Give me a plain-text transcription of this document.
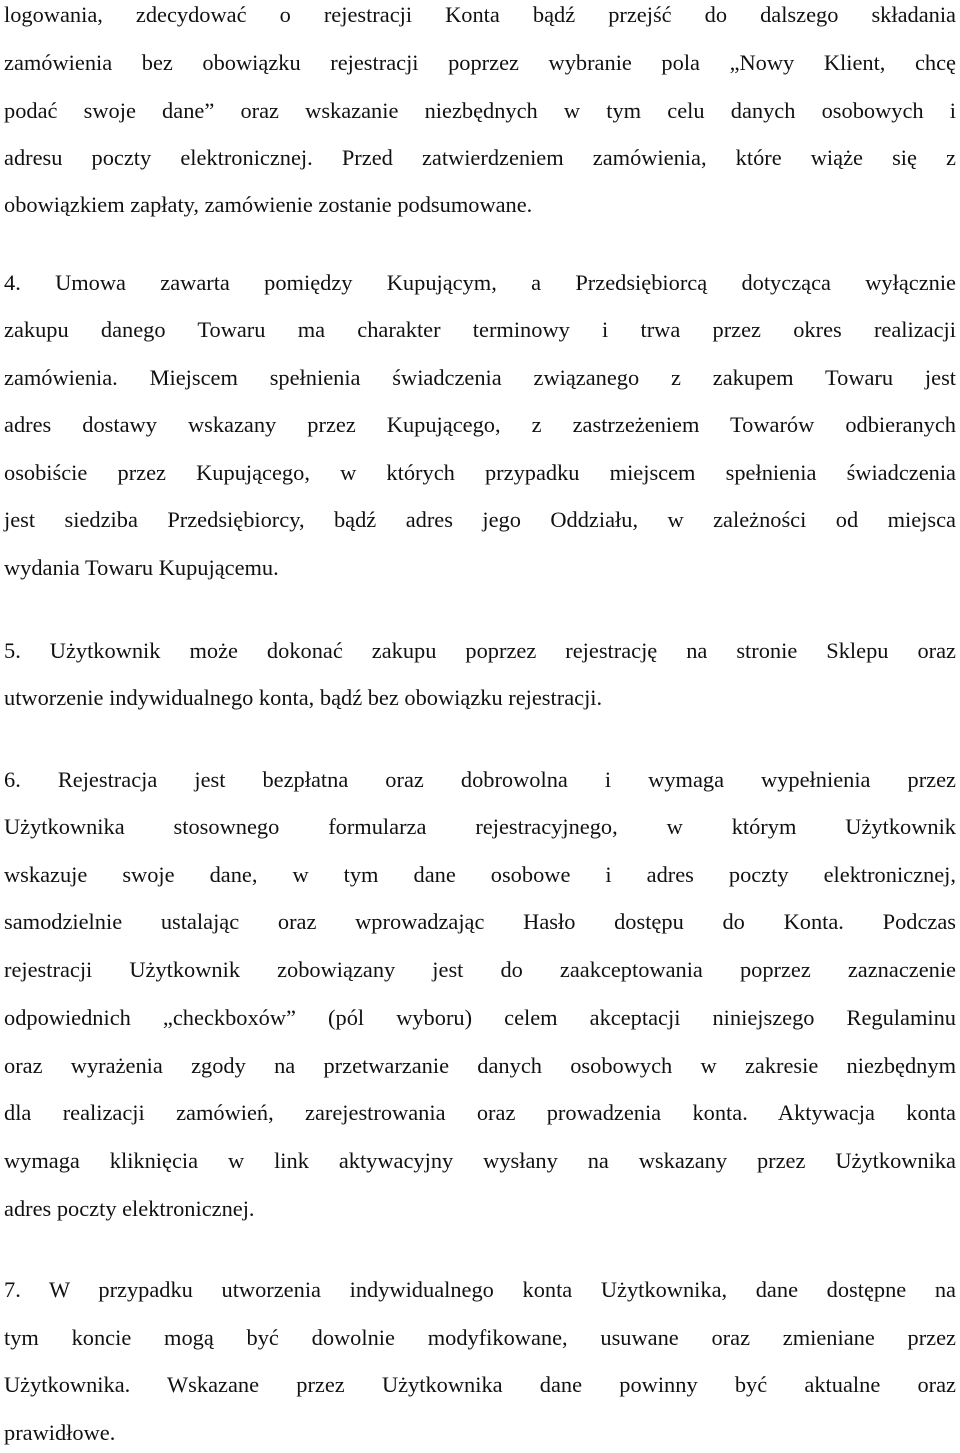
logowania, zdecydować o rejestracji Konta bądź przejść do dalszego składania
zamówienia bez obowiązku rejestracji poprzez wybranie pola „Nowy Klient, chcę
podać swoje dane” oraz wskazanie niezbędnych w tym celu danych osobowych i
adresu poczty elektronicznej. Przed zatwierdzeniem zamówienia, które wiąże się z
obowiązkiem zapłaty, zamówienie zostanie podsumowane.
4. Umowa zawarta pomiędzy Kupującym, a Przedsiębiorcą dotycząca wyłącznie
zakupu danego Towaru ma charakter terminowy i trwa przez okres realizacji
zamówienia. Miejscem spełnienia świadczenia związanego z zakupem Towaru jest
adres dostawy wskazany przez Kupującego, z zastrzeżeniem Towarów odbieranych
osobiście przez Kupującego, w których przypadku miejscem spełnienia świadczenia
jest siedziba Przedsiębiorcy, bądź adres jego Oddziału, w zależności od miejsca
wydania Towaru Kupującemu.
5. Użytkownik może dokonać zakupu poprzez rejestrację na stronie Sklepu oraz
utworzenie indywidualnego konta, bądź bez obowiązku rejestracji.
6. Rejestracja jest bezpłatna oraz dobrowolna i wymaga wypełnienia przez
Użytkownika stosownego formularza rejestracyjnego, w którym Użytkownik
wskazuje swoje dane, w tym dane osobowe i adres poczty elektronicznej,
samodzielnie ustalając oraz wprowadzając Hasło dostępu do Konta. Podczas
rejestracji Użytkownik zobowiązany jest do zaakceptowania poprzez zaznaczenie
odpowiednich „checkboxów” (pól wyboru) celem akceptacji niniejszego Regulaminu
oraz wyrażenia zgody na przetwarzanie danych osobowych w zakresie niezbędnym
dla realizacji zamówień, zarejestrowania oraz prowadzenia konta. Aktywacja konta
wymaga kliknięcia w link aktywacyjny wysłany na wskazany przez Użytkownika
adres poczty elektronicznej.
7. W przypadku utworzenia indywidualnego konta Użytkownika, dane dostępne na
tym koncie mogą być dowolnie modyfikowane, usuwane oraz zmieniane przez
Użytkownika. Wskazane przez Użytkownika dane powinny być aktualne oraz
prawidłowe.
